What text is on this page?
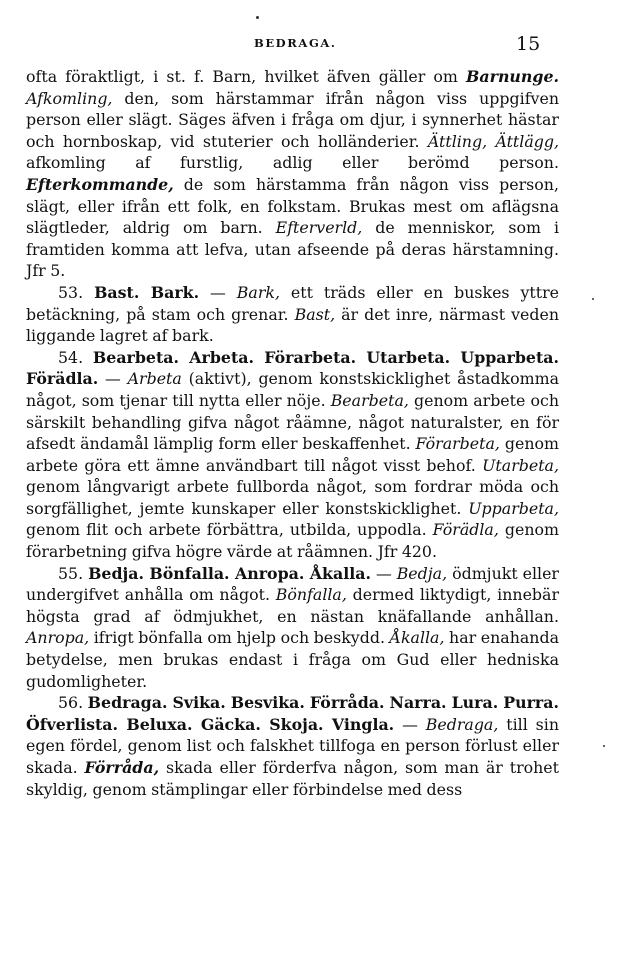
BEDRAGA.	15

ofta föraktligt, i st. f. Barn, hvilket äfven gäller om Barnunge. Afkomling, den, som härstammar ifrån någon viss uppgifven person eller slägt. Säges äfven i fråga om djur, i synnerhet hästar och hornboskap, vid stuterier och holländerier. Ättling, Ättlägg, afkomling af furstlig, adlig eller berömd person. Efterkommande, de som härstamma från någon viss person, slägt, eller ifrån ett folk, en folkstam. Brukas mest om aflägsna slägtleder, aldrig om barn. Efterverld, de menniskor, som i framtiden komma att lefva, utan afseende på deras härstamning. Jfr 5.

53. Bast. Bark. — Bark, ett träds eller en buskes yttre betäckning, på stam och grenar. Bast, är det inre, närmast veden liggande lagret af bark.

54. Bearbeta. Arbeta. Förarbeta. Utarbeta. Upparbeta. Förädla. — Arbeta (aktivt), genom konstskicklighet åstadkomma något, som tjenar till nytta eller nöje. Bearbeta, genom arbete och särskilt behandling gifva något råämne, något naturalster, en för afsedt ändamål lämplig form eller beskaffenhet. Förarbeta, genom arbete göra ett ämne användbart till något visst behof. Utarbeta, genom långvarigt arbete fullborda något, som fordrar möda och sorgfällighet, jemte kunskaper eller konstskicklighet. Upparbeta, genom flit och arbete förbättra, utbilda, uppodla. Förädla, genom förarbetning gifva högre värde at råämnen. Jfr 420.

55. Bedja. Bönfalla. Anropa. Åkalla. — Bedja, ödmjukt eller undergifvet anhålla om något. Bönfalla, dermed liktydigt, innebär högsta grad af ödmjukhet, en nästan knäfallande anhållan. Anropa, ifrigt bönfalla om hjelp och beskydd. Åkalla, har enahanda betydelse, men brukas endast i fråga om Gud eller hedniska gudomligheter.

56. Bedraga. Svika. Besvika. Förråda. Narra. Lura. Purra. Öfverlista. Beluxa. Gäcka. Skoja. Vingla. — Bedraga, till sin egen fördel, genom list och falskhet tillfoga en person förlust eller skada. Förråda, skada eller förderfva någon, som man är trohet skyldig, genom stämplingar eller förbindelse med dess
